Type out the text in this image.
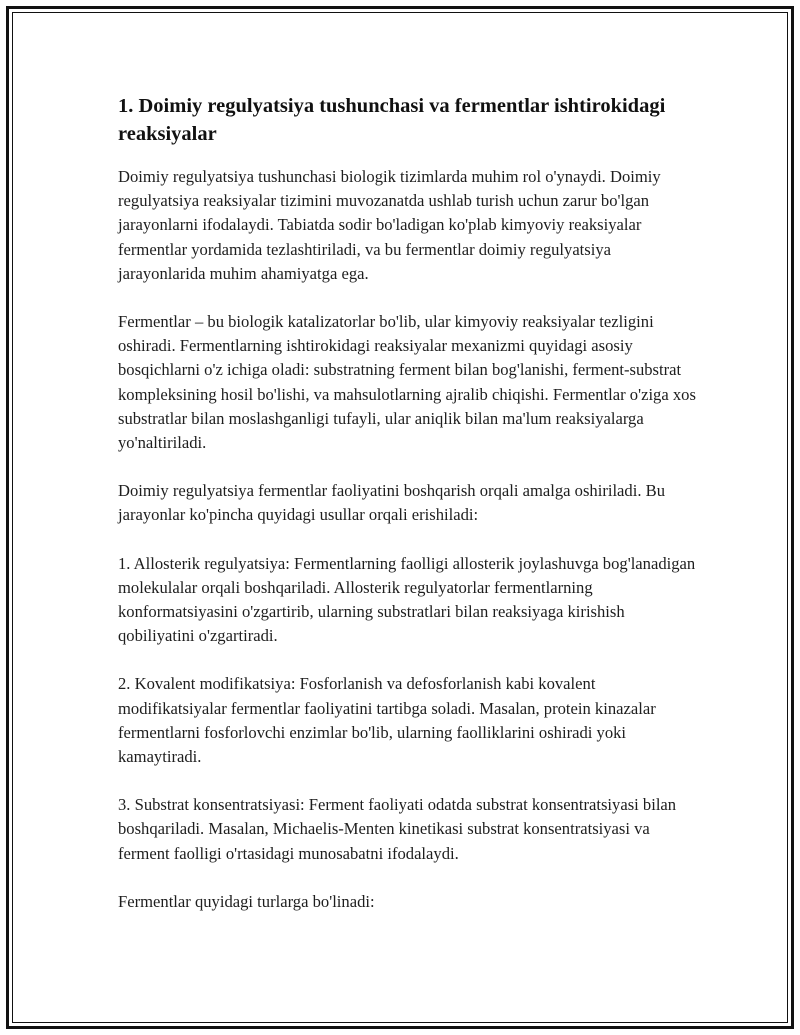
1. Doimiy regulyatsiya tushunchasi va fermentlar ishtirokidagi reaksiyalar

Doimiy regulyatsiya tushunchasi biologik tizimlarda muhim rol o'ynaydi. Doimiy regulyatsiya reaksiyalar tizimini muvozanatda ushlab turish uchun zarur bo'lgan jarayonlarni ifodalaydi. Tabiatda sodir bo'ladigan ko'plab kimyoviy reaksiyalar fermentlar yordamida tezlashtiriladi, va bu fermentlar doimiy regulyatsiya jarayonlarida muhim ahamiyatga ega.

Fermentlar – bu biologik katalizatorlar bo'lib, ular kimyoviy reaksiyalar tezligini oshiradi. Fermentlarning ishtirokidagi reaksiyalar mexanizmi quyidagi asosiy bosqichlarni o'z ichiga oladi: substratning ferment bilan bog'lanishi, ferment-substrat kompleksining hosil bo'lishi, va mahsulotlarning ajralib chiqishi. Fermentlar o'ziga xos substratlar bilan moslashganligi tufayli, ular aniqlik bilan ma'lum reaksiyalarga yo'naltiriladi.

Doimiy regulyatsiya fermentlar faoliyatini boshqarish orqali amalga oshiriladi. Bu jarayonlar ko'pincha quyidagi usullar orqali erishiladi:

1. Allosterik regulyatsiya: Fermentlarning faolligi allosterik joylashuvga bog'lanadigan molekulalar orqali boshqariladi. Allosterik regulyatorlar fermentlarning konformatsiyasini o'zgartirib, ularning substratlari bilan reaksiyaga kirishish qobiliyatini o'zgartiradi.

2. Kovalent modifikatsiya: Fosforlanish va defosforlanish kabi kovalent modifikatsiyalar fermentlar faoliyatini tartibga soladi. Masalan, protein kinazalar fermentlarni fosforlovchi enzimlar bo'lib, ularning faolliklarini oshiradi yoki kamaytiradi.

3. Substrat konsentratsiyasi: Ferment faoliyati odatda substrat konsentratsiyasi bilan boshqariladi. Masalan, Michaelis-Menten kinetikasi substrat konsentratsiyasi va ferment faolligi o'rtasidagi munosabatni ifodalaydi.

Fermentlar quyidagi turlarga bo'linadi:
